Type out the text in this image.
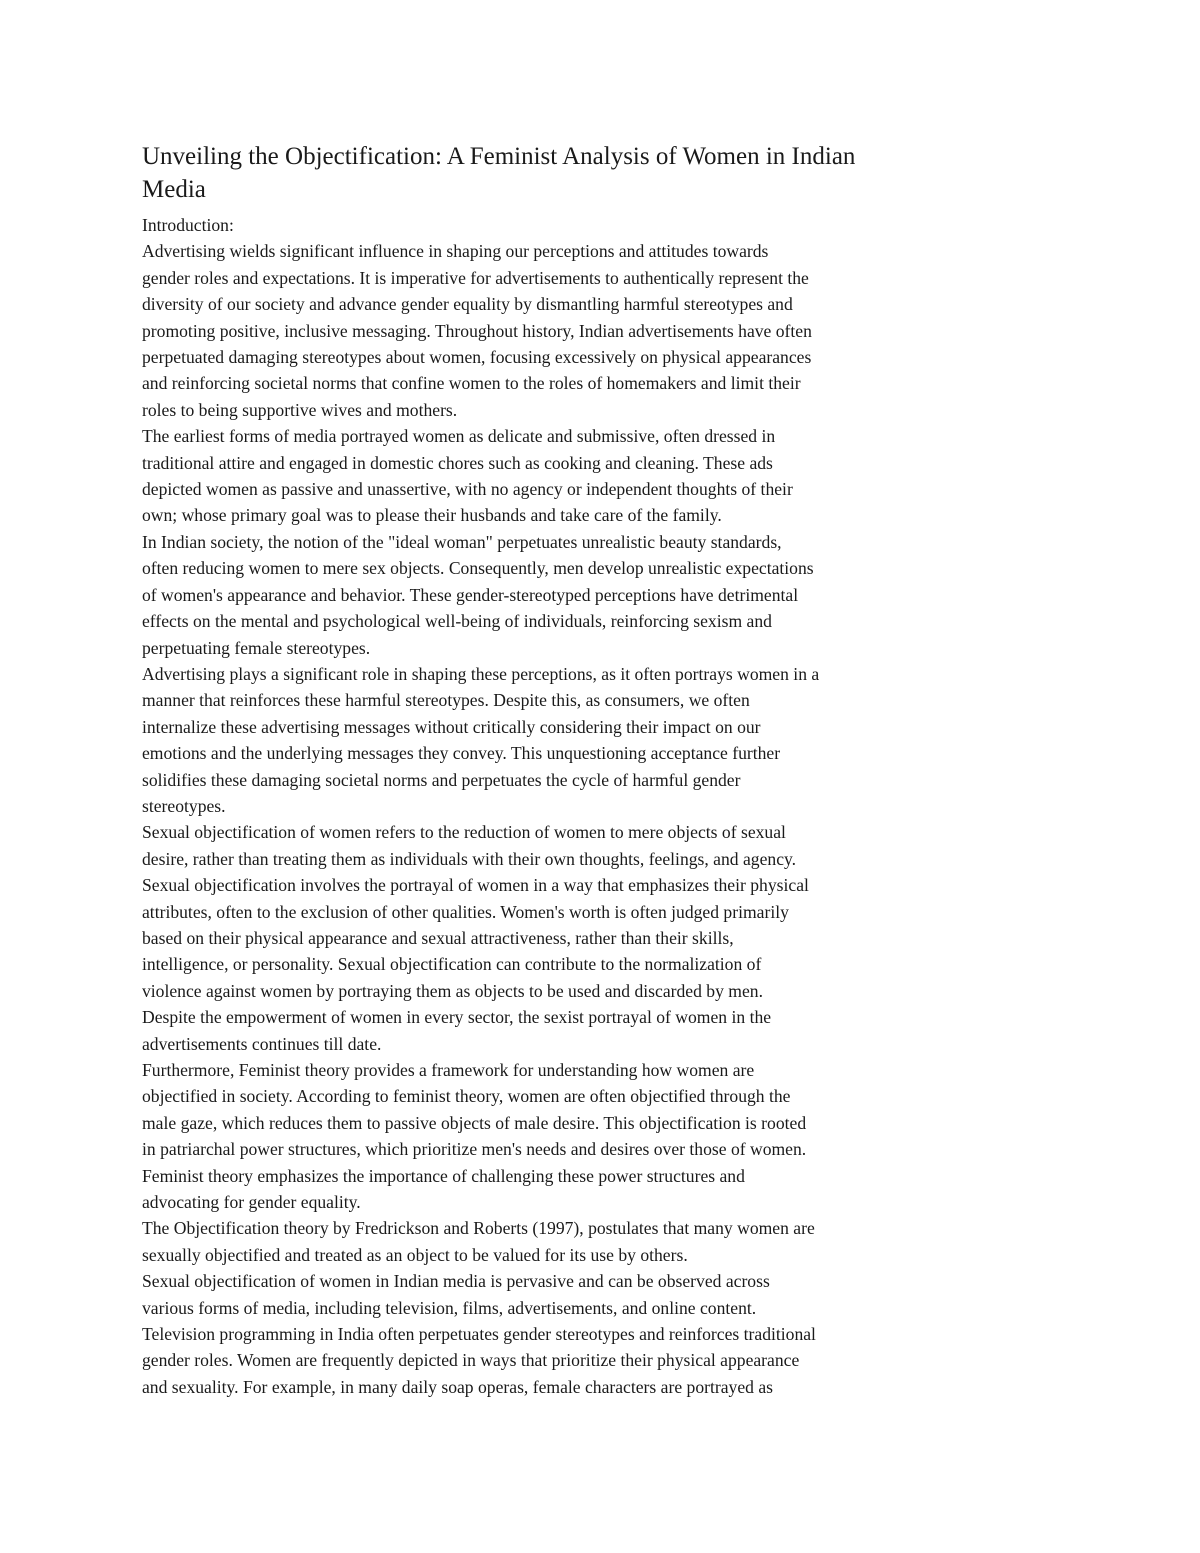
Unveiling the Objectification: A Feminist Analysis of Women in Indian
Media
Introduction:
Advertising wields significant influence in shaping our perceptions and attitudes towards
gender roles and expectations. It is imperative for advertisements to authentically represent the
diversity of our society and advance gender equality by dismantling harmful stereotypes and
promoting positive, inclusive messaging. Throughout history, Indian advertisements have often
perpetuated damaging stereotypes about women, focusing excessively on physical appearances
and reinforcing societal norms that confine women to the roles of homemakers and limit their
roles to being supportive wives and mothers.
The earliest forms of media portrayed women as delicate and submissive, often dressed in
traditional attire and engaged in domestic chores such as cooking and cleaning. These ads
depicted women as passive and unassertive, with no agency or independent thoughts of their
own; whose primary goal was to please their husbands and take care of the family.
In Indian society, the notion of the "ideal woman" perpetuates unrealistic beauty standards,
often reducing women to mere sex objects. Consequently, men develop unrealistic expectations
of women's appearance and behavior. These gender-stereotyped perceptions have detrimental
effects on the mental and psychological well-being of individuals, reinforcing sexism and
perpetuating female stereotypes.
Advertising plays a significant role in shaping these perceptions, as it often portrays women in a
manner that reinforces these harmful stereotypes. Despite this, as consumers, we often
internalize these advertising messages without critically considering their impact on our
emotions and the underlying messages they convey. This unquestioning acceptance further
solidifies these damaging societal norms and perpetuates the cycle of harmful gender
stereotypes.
Sexual objectification of women refers to the reduction of women to mere objects of sexual
desire, rather than treating them as individuals with their own thoughts, feelings, and agency.
Sexual objectification involves the portrayal of women in a way that emphasizes their physical
attributes, often to the exclusion of other qualities. Women's worth is often judged primarily
based on their physical appearance and sexual attractiveness, rather than their skills,
intelligence, or personality. Sexual objectification can contribute to the normalization of
violence against women by portraying them as objects to be used and discarded by men.
Despite the empowerment of women in every sector, the sexist portrayal of women in the
advertisements continues till date.
Furthermore, Feminist theory provides a framework for understanding how women are
objectified in society. According to feminist theory, women are often objectified through the
male gaze, which reduces them to passive objects of male desire. This objectification is rooted
in patriarchal power structures, which prioritize men's needs and desires over those of women.
Feminist theory emphasizes the importance of challenging these power structures and
advocating for gender equality.
The Objectification theory by Fredrickson and Roberts (1997), postulates that many women are
sexually objectified and treated as an object to be valued for its use by others.
Sexual objectification of women in Indian media is pervasive and can be observed across
various forms of media, including television, films, advertisements, and online content.
Television programming in India often perpetuates gender stereotypes and reinforces traditional
gender roles. Women are frequently depicted in ways that prioritize their physical appearance
and sexuality. For example, in many daily soap operas, female characters are portrayed as
